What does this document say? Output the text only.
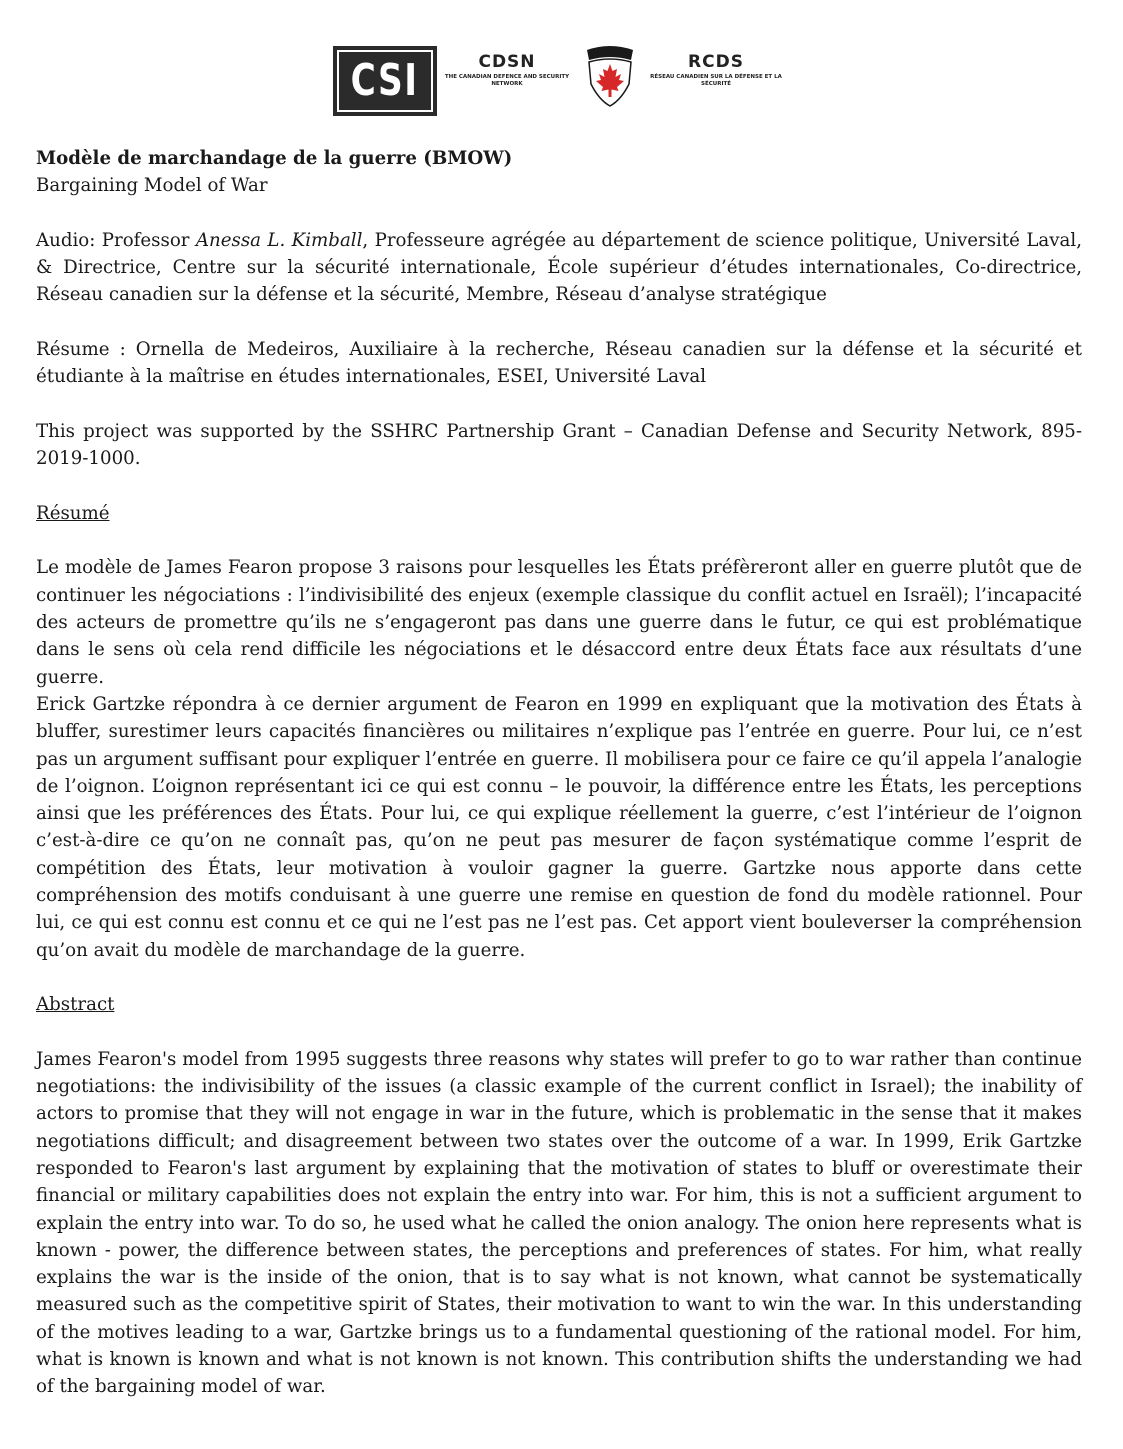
CSI	CDSN
THE CANADIAN DEFENCE AND SECURITY NETWORK
RCDS
RÉSEAU CANADIEN SUR LA DÉFENSE ET LA SÉCURITÉ

Modèle de marchandage de la guerre (BMOW)

Bargaining Model of War

Audio: Professor Anessa L. Kimball, Professeure agrégée au département de science politique, Université Laval, & Directrice, Centre sur la sécurité internationale, École supérieur d’études internationales, Co-directrice, Réseau canadien sur la défense et la sécurité, Membre, Réseau d’analyse stratégique

Résume : Ornella de Medeiros, Auxiliaire à la recherche, Réseau canadien sur la défense et la sécurité et étudiante à la maîtrise en études internationales, ESEI, Université Laval

This project was supported by the SSHRC Partnership Grant – Canadian Defense and Security Network, 895-2019-1000.

Résumé

Le modèle de James Fearon propose 3 raisons pour lesquelles les États préfèreront aller en guerre plutôt que de continuer les négociations : l’indivisibilité des enjeux (exemple classique du conflit actuel en Israël); l’incapacité des acteurs de promettre qu’ils ne s’engageront pas dans une guerre dans le futur, ce qui est problématique dans le sens où cela rend difficile les négociations et le désaccord entre deux États face aux résultats d’une guerre.

Erick Gartzke répondra à ce dernier argument de Fearon en 1999 en expliquant que la motivation des États à bluffer, surestimer leurs capacités financières ou militaires n’explique pas l’entrée en guerre. Pour lui, ce n’est pas un argument suffisant pour expliquer l’entrée en guerre. Il mobilisera pour ce faire ce qu’il appela l’analogie de l’oignon. L’oignon représentant ici ce qui est connu – le pouvoir, la différence entre les États, les perceptions ainsi que les préférences des États. Pour lui, ce qui explique réellement la guerre, c’est l’intérieur de l’oignon c’est-à-dire ce qu’on ne connaît pas, qu’on ne peut pas mesurer de façon systématique comme l’esprit de compétition des États, leur motivation à vouloir gagner la guerre. Gartzke nous apporte dans cette compréhension des motifs conduisant à une guerre une remise en question de fond du modèle rationnel. Pour lui, ce qui est connu est connu et ce qui ne l’est pas ne l’est pas. Cet apport vient bouleverser la compréhension qu’on avait du modèle de marchandage de la guerre.

Abstract

James Fearon's model from 1995 suggests three reasons why states will prefer to go to war rather than continue negotiations: the indivisibility of the issues (a classic example of the current conflict in Israel); the inability of actors to promise that they will not engage in war in the future, which is problematic in the sense that it makes negotiations difficult; and disagreement between two states over the outcome of a war. In 1999, Erik Gartzke responded to Fearon's last argument by explaining that the motivation of states to bluff or overestimate their financial or military capabilities does not explain the entry into war. For him, this is not a sufficient argument to explain the entry into war. To do so, he used what he called the onion analogy. The onion here represents what is known - power, the difference between states, the perceptions and preferences of states. For him, what really explains the war is the inside of the onion, that is to say what is not known, what cannot be systematically measured such as the competitive spirit of States, their motivation to want to win the war. In this understanding of the motives leading to a war, Gartzke brings us to a fundamental questioning of the rational model. For him, what is known is known and what is not known is not known. This contribution shifts the understanding we had of the bargaining model of war.
